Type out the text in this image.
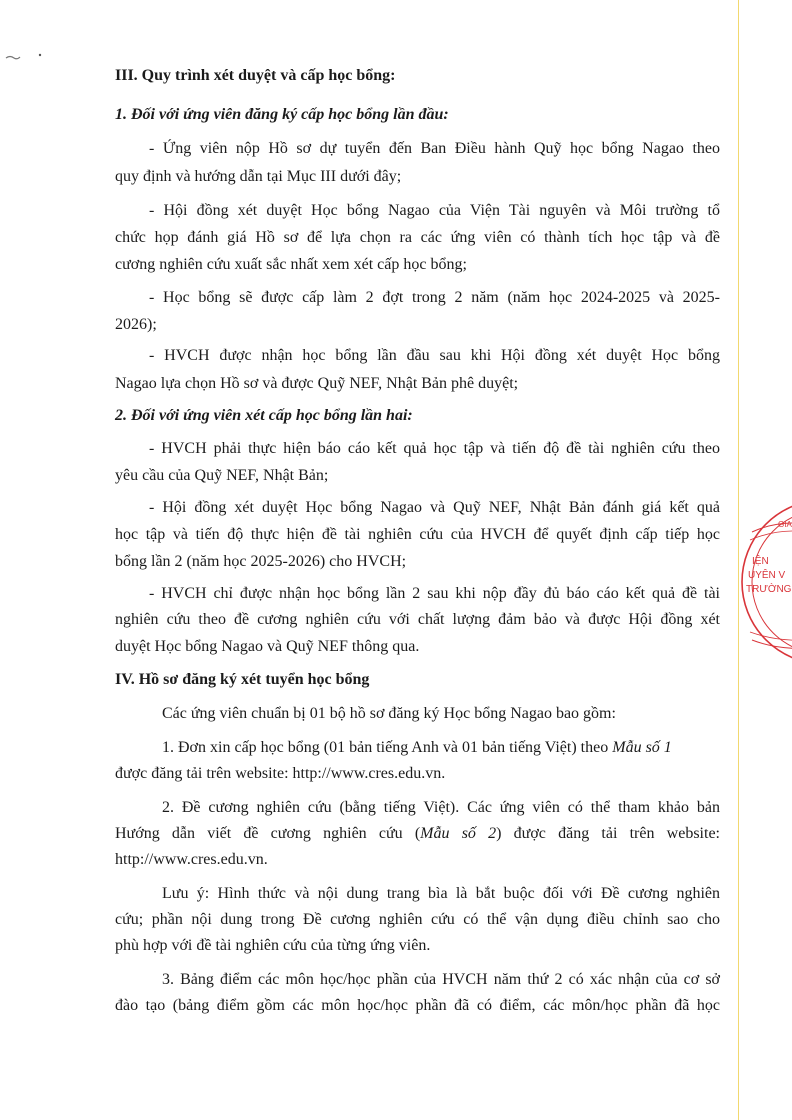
III. Quy trình xét duyệt và cấp học bổng:
1. Đối với ứng viên đăng ký cấp học bổng lần đầu:
- Ứng viên nộp Hồ sơ dự tuyển đến Ban Điều hành Quỹ học bổng Nagao theo
quy định và hướng dẫn tại Mục III dưới đây;
- Hội đồng xét duyệt Học bổng Nagao của Viện Tài nguyên và Môi trường tổ
chức họp đánh giá Hồ sơ để lựa chọn ra các ứng viên có thành tích học tập và đề
cương nghiên cứu xuất sắc nhất xem xét cấp học bổng;
- Học bổng sẽ được cấp làm 2 đợt trong 2 năm (năm học 2024-2025 và 2025-
2026);
- HVCH được nhận học bổng lần đầu sau khi Hội đồng xét duyệt Học bổng
Nagao lựa chọn Hồ sơ và được Quỹ NEF, Nhật Bản phê duyệt;
2. Đối với ứng viên xét cấp học bổng lần hai:
- HVCH phải thực hiện báo cáo kết quả học tập và tiến độ đề tài nghiên cứu theo
yêu cầu của Quỹ NEF, Nhật Bản;
- Hội đồng xét duyệt Học bổng Nagao và Quỹ NEF, Nhật Bản đánh giá kết quả
học tập và tiến độ thực hiện đề tài nghiên cứu của HVCH để quyết định cấp tiếp học
bổng lần 2 (năm học 2025-2026) cho HVCH;
- HVCH chỉ được nhận học bổng lần 2 sau khi nộp đầy đủ báo cáo kết quả đề tài
nghiên cứu theo đề cương nghiên cứu với chất lượng đảm bảo và được Hội đồng xét
duyệt Học bổng Nagao và Quỹ NEF thông qua.
IV. Hồ sơ đăng ký xét tuyển học bổng
Các ứng viên chuẩn bị 01 bộ hồ sơ đăng ký Học bổng Nagao bao gồm:
1. Đơn xin cấp học bổng (01 bản tiếng Anh và 01 bản tiếng Việt) theo Mẫu số 1
được đăng tải trên website: http://www.cres.edu.vn.
2. Đề cương nghiên cứu (bằng tiếng Việt). Các ứng viên có thể tham khảo bản
Hướng dẫn viết đề cương nghiên cứu (Mẫu số 2) được đăng tải trên website:
http://www.cres.edu.vn.
Lưu ý: Hình thức và nội dung trang bìa là bắt buộc đối với Đề cương nghiên
cứu; phần nội dung trong Đề cương nghiên cứu có thể vận dụng điều chỉnh sao cho
phù hợp với đề tài nghiên cứu của từng ứng viên.
3. Bảng điểm các môn học/học phần của HVCH năm thứ 2 có xác nhận của cơ sở
đào tạo (bảng điểm gồm các môn học/học phần đã có điểm, các môn/học phần đã học
GIA
IỆN
UYÊN V
TRƯỜNG
